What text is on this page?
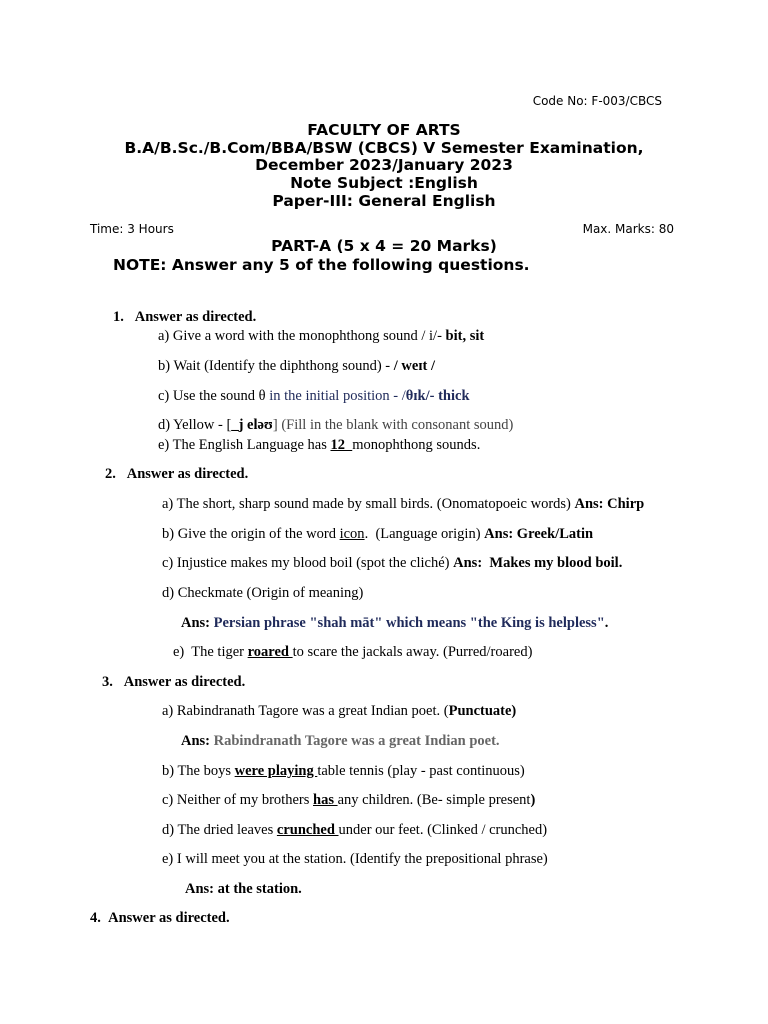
Code No: F-003/CBCS
FACULTY OF ARTS
B.A/B.Sc./B.Com/BBA/BSW (CBCS) V Semester Examination,
December 2023/January 2023
Note Subject :English
Paper-III: General English
Time: 3 Hours	Max. Marks: 80
PART-A (5 x 4 = 20 Marks)
NOTE: Answer any 5 of the following questions.
1. Answer as directed.
a) Give a word with the monophthong sound / i/- bit, sit
b) Wait (Identify the diphthong sound) - / weɪt /
c) Use the sound θ in the initial position - /θɪk/- thick
d) Yellow - [_j eləʊ] (Fill in the blank with consonant sound)
e) The English Language has 12  monophthong sounds.
2. Answer as directed.
a) The short, sharp sound made by small birds. (Onomatopoeic words) Ans: Chirp
b) Give the origin of the word icon.  (Language origin) Ans: Greek/Latin
c) Injustice makes my blood boil (spot the cliché) Ans:  Makes my blood boil.
d) Checkmate (Origin of meaning)
Ans: Persian phrase "shah māt" which means "the King is helpless".
e)  The tiger roared to scare the jackals away. (Purred/roared)
3. Answer as directed.
a) Rabindranath Tagore was a great Indian poet. (Punctuate)
Ans: Rabindranath Tagore was a great Indian poet.
b) The boys were playing table tennis (play - past continuous)
c) Neither of my brothers has any children. (Be- simple present)
d) The dried leaves crunched under our feet. (Clinked / crunched)
e) I will meet you at the station. (Identify the prepositional phrase)
Ans: at the station.
4. Answer as directed.
